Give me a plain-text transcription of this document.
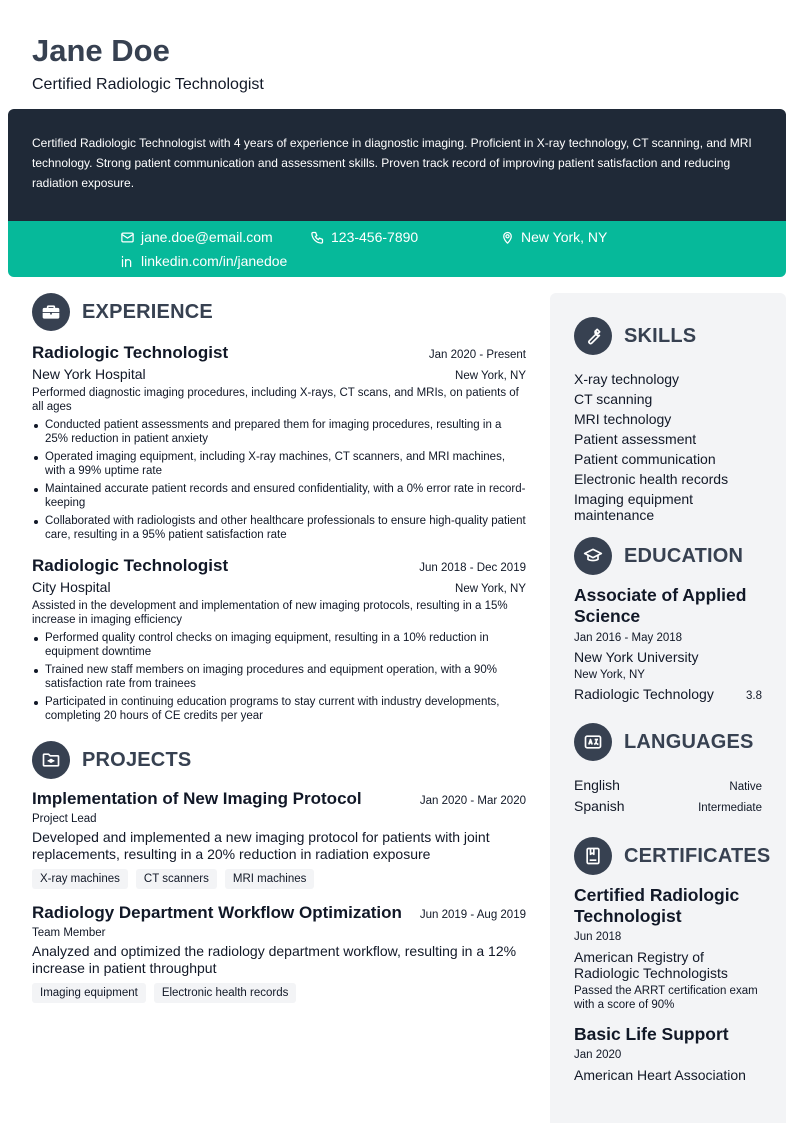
Jane Doe
Certified Radiologic Technologist

Certified Radiologic Technologist with 4 years of experience in diagnostic imaging. Proficient in X-ray technology, CT scanning, and MRI technology. Strong patient communication and assessment skills. Proven track record of improving patient satisfaction and reducing radiation exposure.

jane.doe@email.com	123-456-7890	New York, NY
linkedin.com/in/janedoe
EXPERIENCE
Radiologic Technologist	Jan 2020 - Present
New York Hospital	New York, NY
Performed diagnostic imaging procedures, including X-rays, CT scans, and MRIs, on patients of all ages
Conducted patient assessments and prepared them for imaging procedures, resulting in a 25% reduction in patient anxiety
Operated imaging equipment, including X-ray machines, CT scanners, and MRI machines, with a 99% uptime rate
Maintained accurate patient records and ensured confidentiality, with a 0% error rate in record-keeping
Collaborated with radiologists and other healthcare professionals to ensure high-quality patient care, resulting in a 95% patient satisfaction rate
Radiologic Technologist	Jun 2018 - Dec 2019
City Hospital	New York, NY
Assisted in the development and implementation of new imaging protocols, resulting in a 15% increase in imaging efficiency
Performed quality control checks on imaging equipment, resulting in a 10% reduction in equipment downtime
Trained new staff members on imaging procedures and equipment operation, with a 90% satisfaction rate from trainees
Participated in continuing education programs to stay current with industry developments, completing 20 hours of CE credits per year
PROJECTS
Implementation of New Imaging Protocol	Jan 2020 - Mar 2020
Project Lead
Developed and implemented a new imaging protocol for patients with joint replacements, resulting in a 20% reduction in radiation exposure
X-ray machines	CT scanners	MRI machines
Radiology Department Workflow Optimization Jun 2019 - Aug 2019
Team Member
Analyzed and optimized the radiology department workflow, resulting in a 12% increase in patient throughput
Imaging equipment	Electronic health records
SKILLS
X-ray technology
CT scanning
MRI technology
Patient assessment
Patient communication
Electronic health records
Imaging equipment maintenance
EDUCATION
Associate of Applied Science
Jan 2016 - May 2018
New York University
New York, NY
Radiologic Technology	3.8
LANGUAGES
English	Native
Spanish	Intermediate
CERTIFICATES
Certified Radiologic Technologist
Jun 2018
American Registry of Radiologic Technologists
Passed the ARRT certification exam with a score of 90%
Basic Life Support
Jan 2020
American Heart Association
